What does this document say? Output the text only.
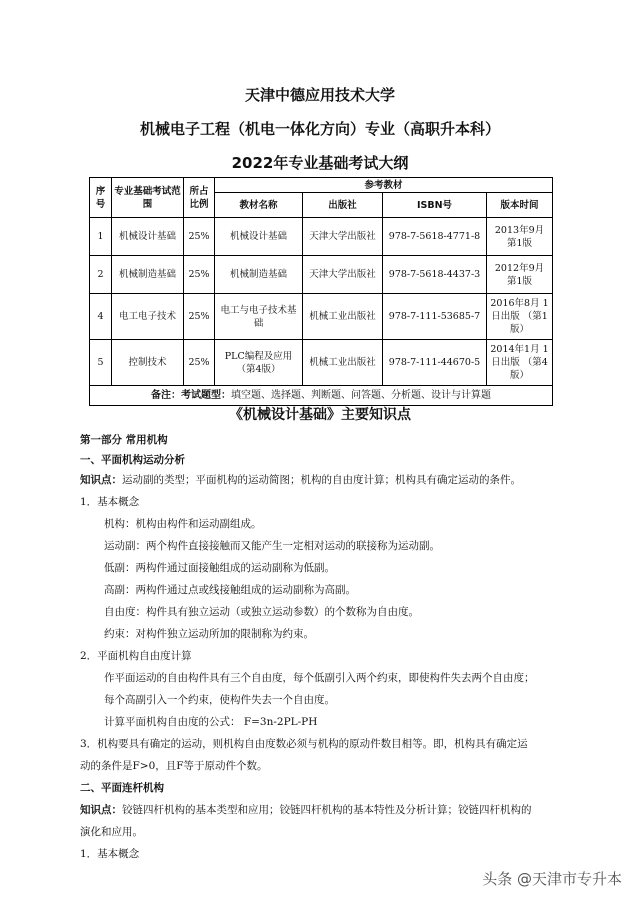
天津中德应用技术大学
机械电子工程（机电一体化方向）专业（高职升本科）
2022年专业基础考试大纲
序号	专业基础考试范围	所占比例	参考教材			
			教材名称	出版社	ISBN号	版本时间
1	机械设计基础	25%	机械设计基础	天津大学出版社	978-7-5618-4771-8	2013年9月 第1版
2	机械制造基础	25%	机械制造基础	天津大学出版社	978-7-5618-4437-3	2012年9月 第1版
4	电工电子技术	25%	电工与电子技术基础	机械工业出版社	978-7-111-53685-7	2016年8月 1日出版 （第1版）
5	控制技术	25%	PLC编程及应用 （第4版）	机械工业出版社	978-7-111-44670-5	2014年1月 1日出版 （第4版）
备注：考试题型：填空题、选择题、判断题、问答题、分析题、设计与计算题						
《机械设计基础》主要知识点
第一部分 常用机构
一、平面机构运动分析
知识点：运动副的类型；平面机构的运动简图；机构的自由度计算；机构具有确定运动的条件。
1．基本概念
机构：机构由构件和运动副组成。
运动副：两个构件直接接触而又能产生一定相对运动的联接称为运动副。
低副：两构件通过面接触组成的运动副称为低副。
高副：两构件通过点或线接触组成的运动副称为高副。
自由度：构件具有独立运动（或独立运动参数）的个数称为自由度。
约束：对构件独立运动所加的限制称为约束。
2．平面机构自由度计算
作平面运动的自由构件具有三个自由度，每个低副引入两个约束，即使构件失去两个自由度；
每个高副引入一个约束，使构件失去一个自由度。
计算平面机构自由度的公式： F=3n-2PL-PH
3．机构要具有确定的运动，则机构自由度数必须与机构的原动件数目相等。即，机构具有确定运
动的条件是F>0，且F等于原动件个数。
二、平面连杆机构
知识点：铰链四杆机构的基本类型和应用；铰链四杆机构的基本特性及分析计算；铰链四杆机构的
演化和应用。
1．基本概念
头条 @天津市专升本
